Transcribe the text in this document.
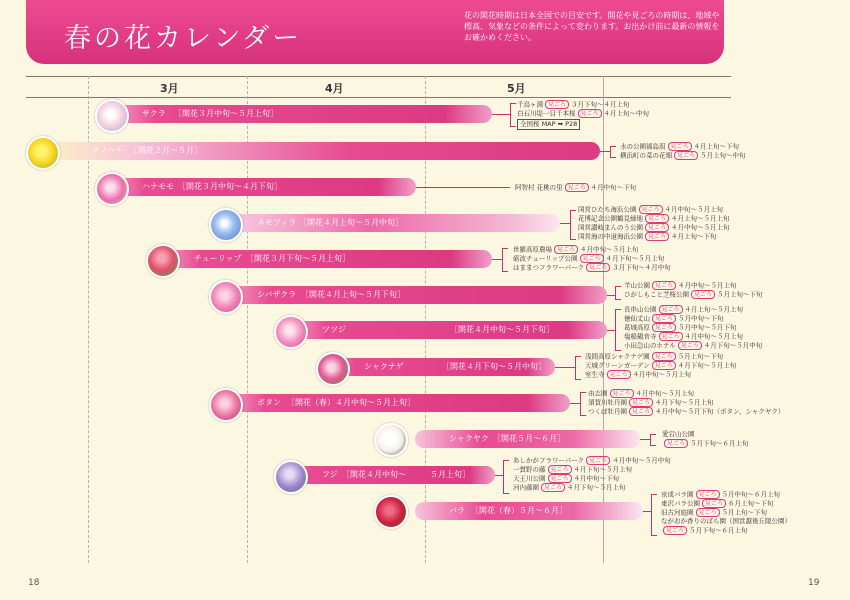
春の花カレンダー
花の開花時期は日本全国での目安です。開花や見ごろの時期は、地域や標高、気象などの条件によって変わります。お出かけ前に最新の情報をお確かめください。
3月	4月	5月

サクラ

［開花３月中旬〜５月上旬］

千鳥ヶ淵 見ごろ ３月下旬〜４月上旬
白石川堤一目千本桜 見ごろ ４月上旬〜中旬
全国桜 MAP ➡ P28

ナノハナ

［開花２月〜５月］	水の公園福島潟 見ごろ ４月上旬〜下旬
横浜町の菜の花畑 見ごろ ５月上旬〜中旬

ハナモモ

［開花３月中旬〜４月下旬］	阿智村 花桃の里 見ごろ ４月中旬〜下旬

ネモフィラ

［開花４月上旬〜５月中旬］

国営ひたち海浜公園 見ごろ ４月中旬〜５月上旬
花博記念公園鶴見緑地 見ごろ ４月上旬〜５月上旬
国営讃岐まんのう公園 見ごろ ４月中旬〜５月上旬
国営海の中道海浜公園 見ごろ ４月上旬〜下旬

チューリップ

［開花３月下旬〜５月上旬］

世羅高原農場 見ごろ ４月中旬〜５月上旬
砺波チューリップ公園 見ごろ ４月下旬〜５月上旬
はままつフラワーパーク 見ごろ ３月下旬〜４月中旬

シバザクラ

［開花４月上旬〜５月下旬］

羊山公園 見ごろ ４月中旬〜５月上旬
ひがしもこと芝桜公園 見ごろ ５月上旬〜下旬

ツツジ

	［開花４月中旬〜５月下旬］

長串山公園 見ごろ ４月上旬〜５月上旬
徳仙丈山 見ごろ ５月中旬〜下旬
葛城高原 見ごろ ５月中旬〜５月下旬
塩船観音寺 見ごろ ４月中旬〜５月上旬
小田急山のホテル 見ごろ ４月下旬〜５月中旬

シャクナゲ

	［開花４月下旬〜５月中旬］

浅間高原シャクナゲ園 見ごろ ５月上旬〜下旬
天城グリーンガーデン 見ごろ ４月下旬〜５月上旬
室生寺 見ごろ ４月中旬〜５月上旬

ボタン

［開花（春）４月中旬〜５月上旬］

由志園 見ごろ ４月中旬〜５月上旬
須賀川牡丹園 見ごろ ４月下旬〜５月上旬
つくば牡丹園 見ごろ ４月中旬〜５月下旬（ボタン、シャクヤク）

シャクヤク

［開花５月〜６月］	愛宕山公園
見ごろ ５月下旬〜６月上旬

フジ

［開花４月中旬〜　　　５月上旬］

あしかがフラワーパーク 見ごろ ４月中旬〜５月中旬
一貫野の藤 見ごろ ４月下旬〜５月上旬
天王川公園 見ごろ ４月中旬〜下旬
河内藤園 見ごろ ４月下旬〜５月上旬

バラ

［開花（春）５月〜６月］

京成バラ園 見ごろ ５月中旬〜６月上旬
東沢バラ公園 見ごろ ６月上旬〜下旬
旧古河庭園 見ごろ ５月上旬〜下旬
ながおか香りのばら園（国営越後丘陵公園）
見ごろ ５月下旬〜６月上旬
18	19
